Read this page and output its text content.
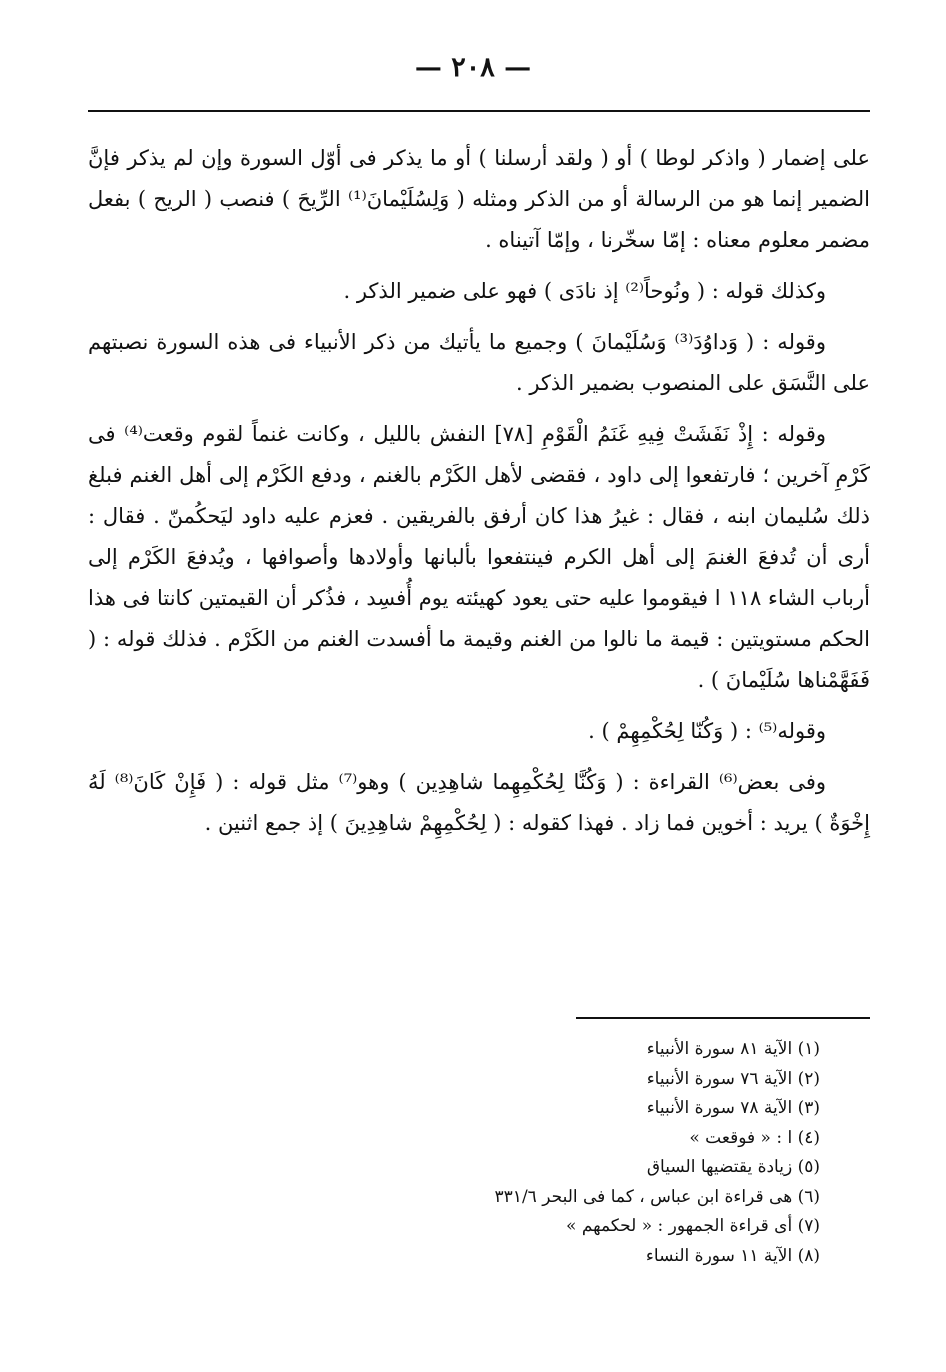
— ٢٠٨ —

على إضمار ( واذكر لوطا ) أو ( ولقد أرسلنا ) أو ما يذكر فى أوّل السورة وإن لم يذكر فإنَّ الضمير إنما هو من الرسالة أو من الذكر ومثله ( وَلِسُلَيْمانَ⁽¹⁾ الرِّيحَ ) فنصب ( الريح ) بفعل مضمر معلوم معناه : إمّا سخّرنا ، وإمّا آتيناه .

وكذلك قوله : ( ونُوحاً⁽²⁾ إذ نادَى ) فهو على ضمير الذكر .

وقوله : ( وَداوُدَ⁽³⁾ وَسُلَيْمانَ ) وجميع ما يأتيك من ذكر الأنبياء فى هذه السورة نصبتهم على النَّسَق على المنصوب بضمير الذكر .

وقوله : إِذْ نَفَشَتْ فِيهِ غَنَمُ الْقَوْمِ [٧٨] النفش بالليل ، وكانت غنماً لقوم وقعت⁽⁴⁾ فى كَرْمِ آخرين ؛ فارتفعوا إلى داود ، فقضى لأهل الكَرْم بالغنم ، ودفع الكَرْم إلى أهل الغنم فبلغ ذلك سُليمان ابنه ، فقال : غيرُ هذا كان أرفق بالفريقين . فعزم عليه داود ليَحكُمنّ . فقال : أرى أن تُدفعَ الغنمَ إلى أهل الكرم فينتفعوا بألبانها وأولادها وأصوافها ، ويُدفعَ الكَرْم إلى أرباب الشاء ١١٨ ا فيقوموا عليه حتى يعود كهيئته يوم أُفسِد ، فذُكر أن القيمتين كانتا فى هذا الحكم مستويتين : قيمة ما نالوا من الغنم وقيمة ما أفسدت الغنم من الكَرْم . فذلك قوله : ( فَفَهَّمْناها سُلَيْمانَ ) .

وقوله⁽⁵⁾ : ( وَكُنّا لِحُكْمِهِمْ ) .

وفى بعض⁽⁶⁾ القراءة : ( وَكُنَّا لِحُكْمِهِما شاهِدِين ) وهو⁽⁷⁾ مثل قوله : ( فَإِنْ كَانَ⁽⁸⁾ لَهُ إِخْوَةٌ ) يريد : أخوين فما زاد . فهذا كقوله : ( لِحُكْمِهِمْ شاهِدِينَ ) إذ جمع اثنين .

(١) الآية ٨١ سورة الأنبياء
(٢) الآية ٧٦ سورة الأنبياء
(٣) الآية ٧٨ سورة الأنبياء
(٤) ا : « فوقعت »
(٥) زيادة يقتضيها السياق
(٦) هى قراءة ابن عباس ، كما فى البحر ٣٣١/٦
(٧) أى قراءة الجمهور : « لحكمهم »
(٨) الآية ١١ سورة النساء
